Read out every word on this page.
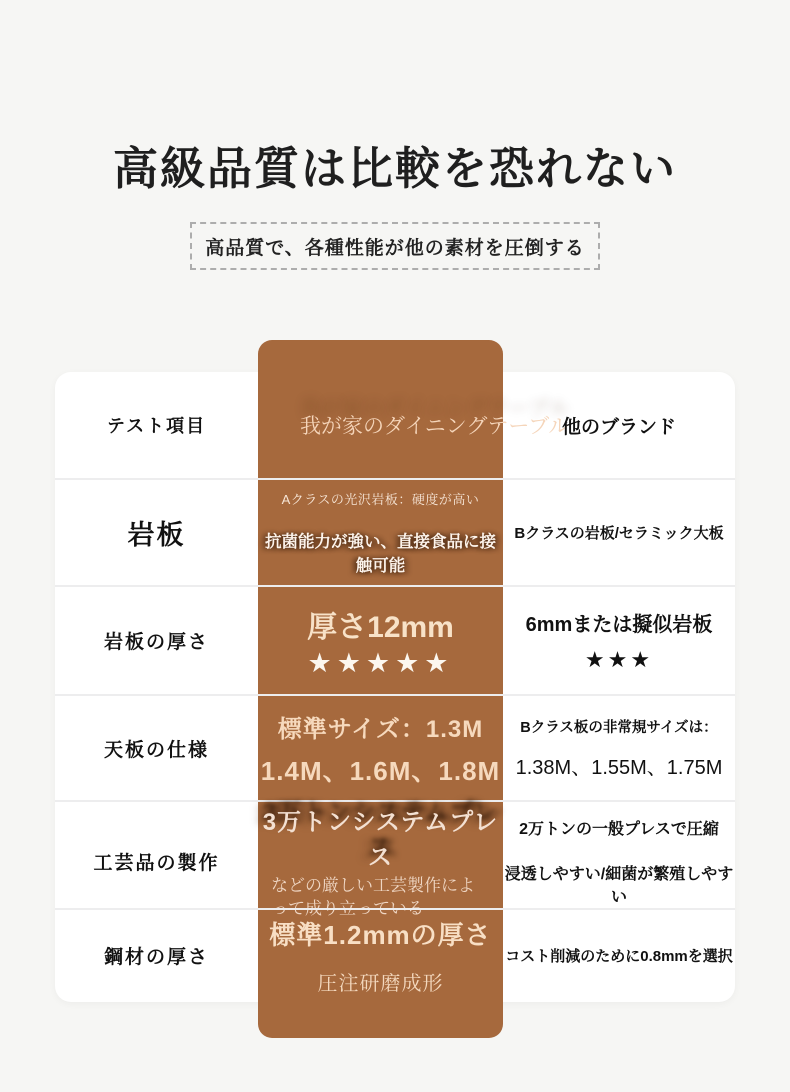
高級品質は比較を恐れない
高品質で、各種性能が他の素材を圧倒する
テスト項目	我が家のダイニングテーブル
他のブランド
岩板
Aクラスの光沢岩板：硬度が高い
抗菌能力が強い、直接食品に接触可能
Bクラスの岩板/セラミック大板
岩板の厚さ	厚さ12mm
★★★★★
6mmまたは擬似岩板
★★★
天板の仕様
標準サイズ：1.3M
1.4M、1.6M、1.8M
Bクラス板の非常規サイズは：
1.38M、1.55M、1.75M
工芸品の製作
3万トンシステムプレス
などの厳しい工芸製作によって成り立っている
2万トンの一般プレスで圧縮
浸透しやすい/細菌が繁殖しやすい
鋼材の厚さ
標準1.2mmの厚さ
圧注研磨成形
コスト削減のために0.8mmを選択
